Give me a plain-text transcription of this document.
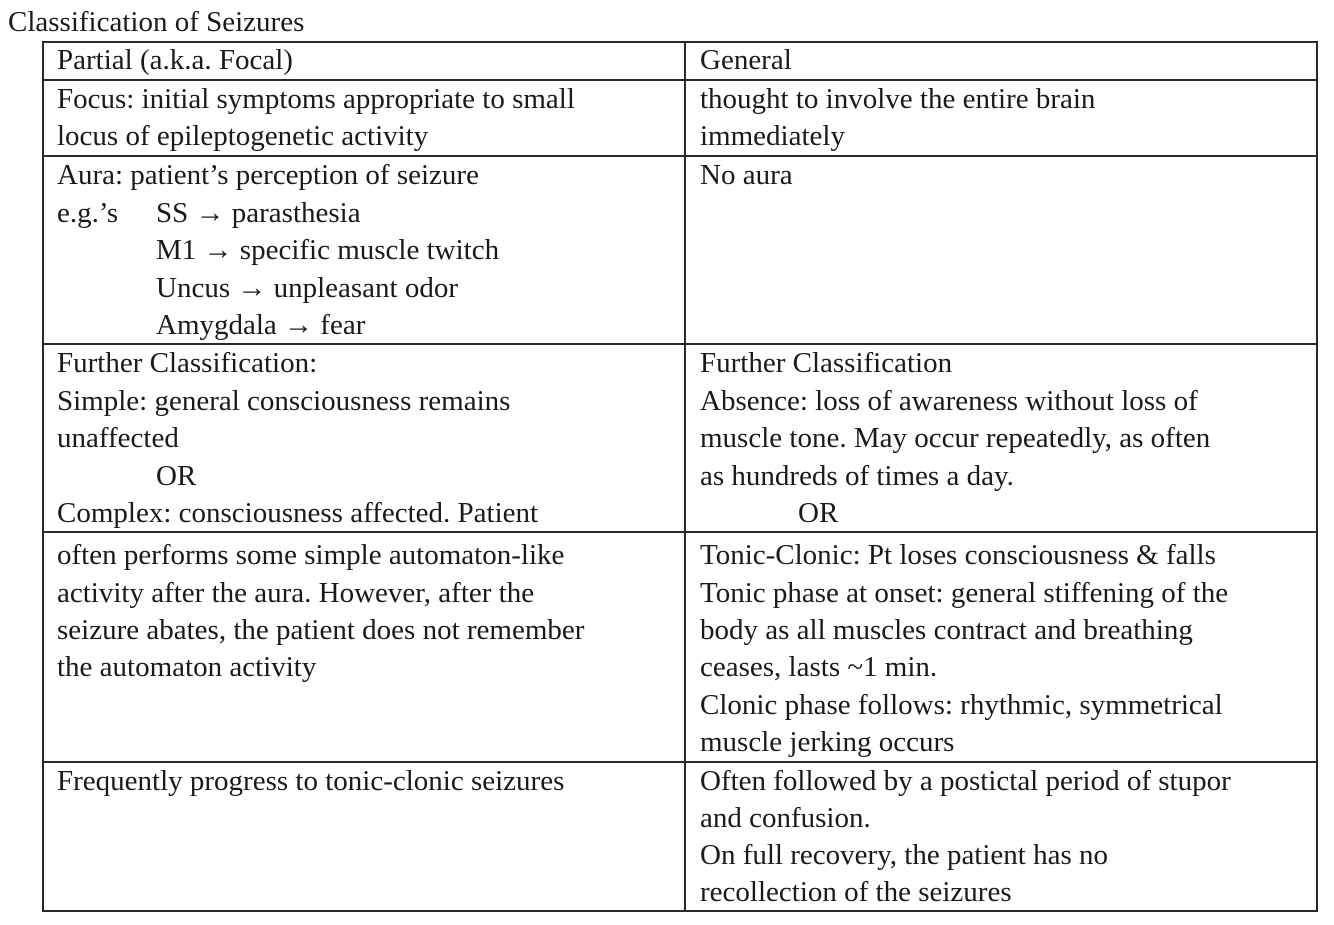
Classification of Seizures
Partial (a.k.a. Focal)	General
Focus: initial symptoms appropriate to small
locus of epileptogenetic activity
thought to involve the entire brain
immediately
Aura: patient’s perception of seizure
e.g.’s SS → parasthesia
M1 → specific muscle twitch
Uncus → unpleasant odor
Amygdala → fear
No aura
Further Classification:
Simple: general consciousness remains
unaffected
OR
Complex: consciousness affected. Patient
Further Classification
Absence: loss of awareness without loss of
muscle tone. May occur repeatedly, as often
as hundreds of times a day.
OR
often performs some simple automaton-like
activity after the aura. However, after the
seizure abates, the patient does not remember
the automaton activity
Tonic-Clonic: Pt loses consciousness & falls
Tonic phase at onset: general stiffening of the
body as all muscles contract and breathing
ceases, lasts ~1 min.
Clonic phase follows: rhythmic, symmetrical
muscle jerking occurs
Frequently progress to tonic-clonic seizures	Often followed by a postictal period of stupor
and confusion.
On full recovery, the patient has no
recollection of the seizures
